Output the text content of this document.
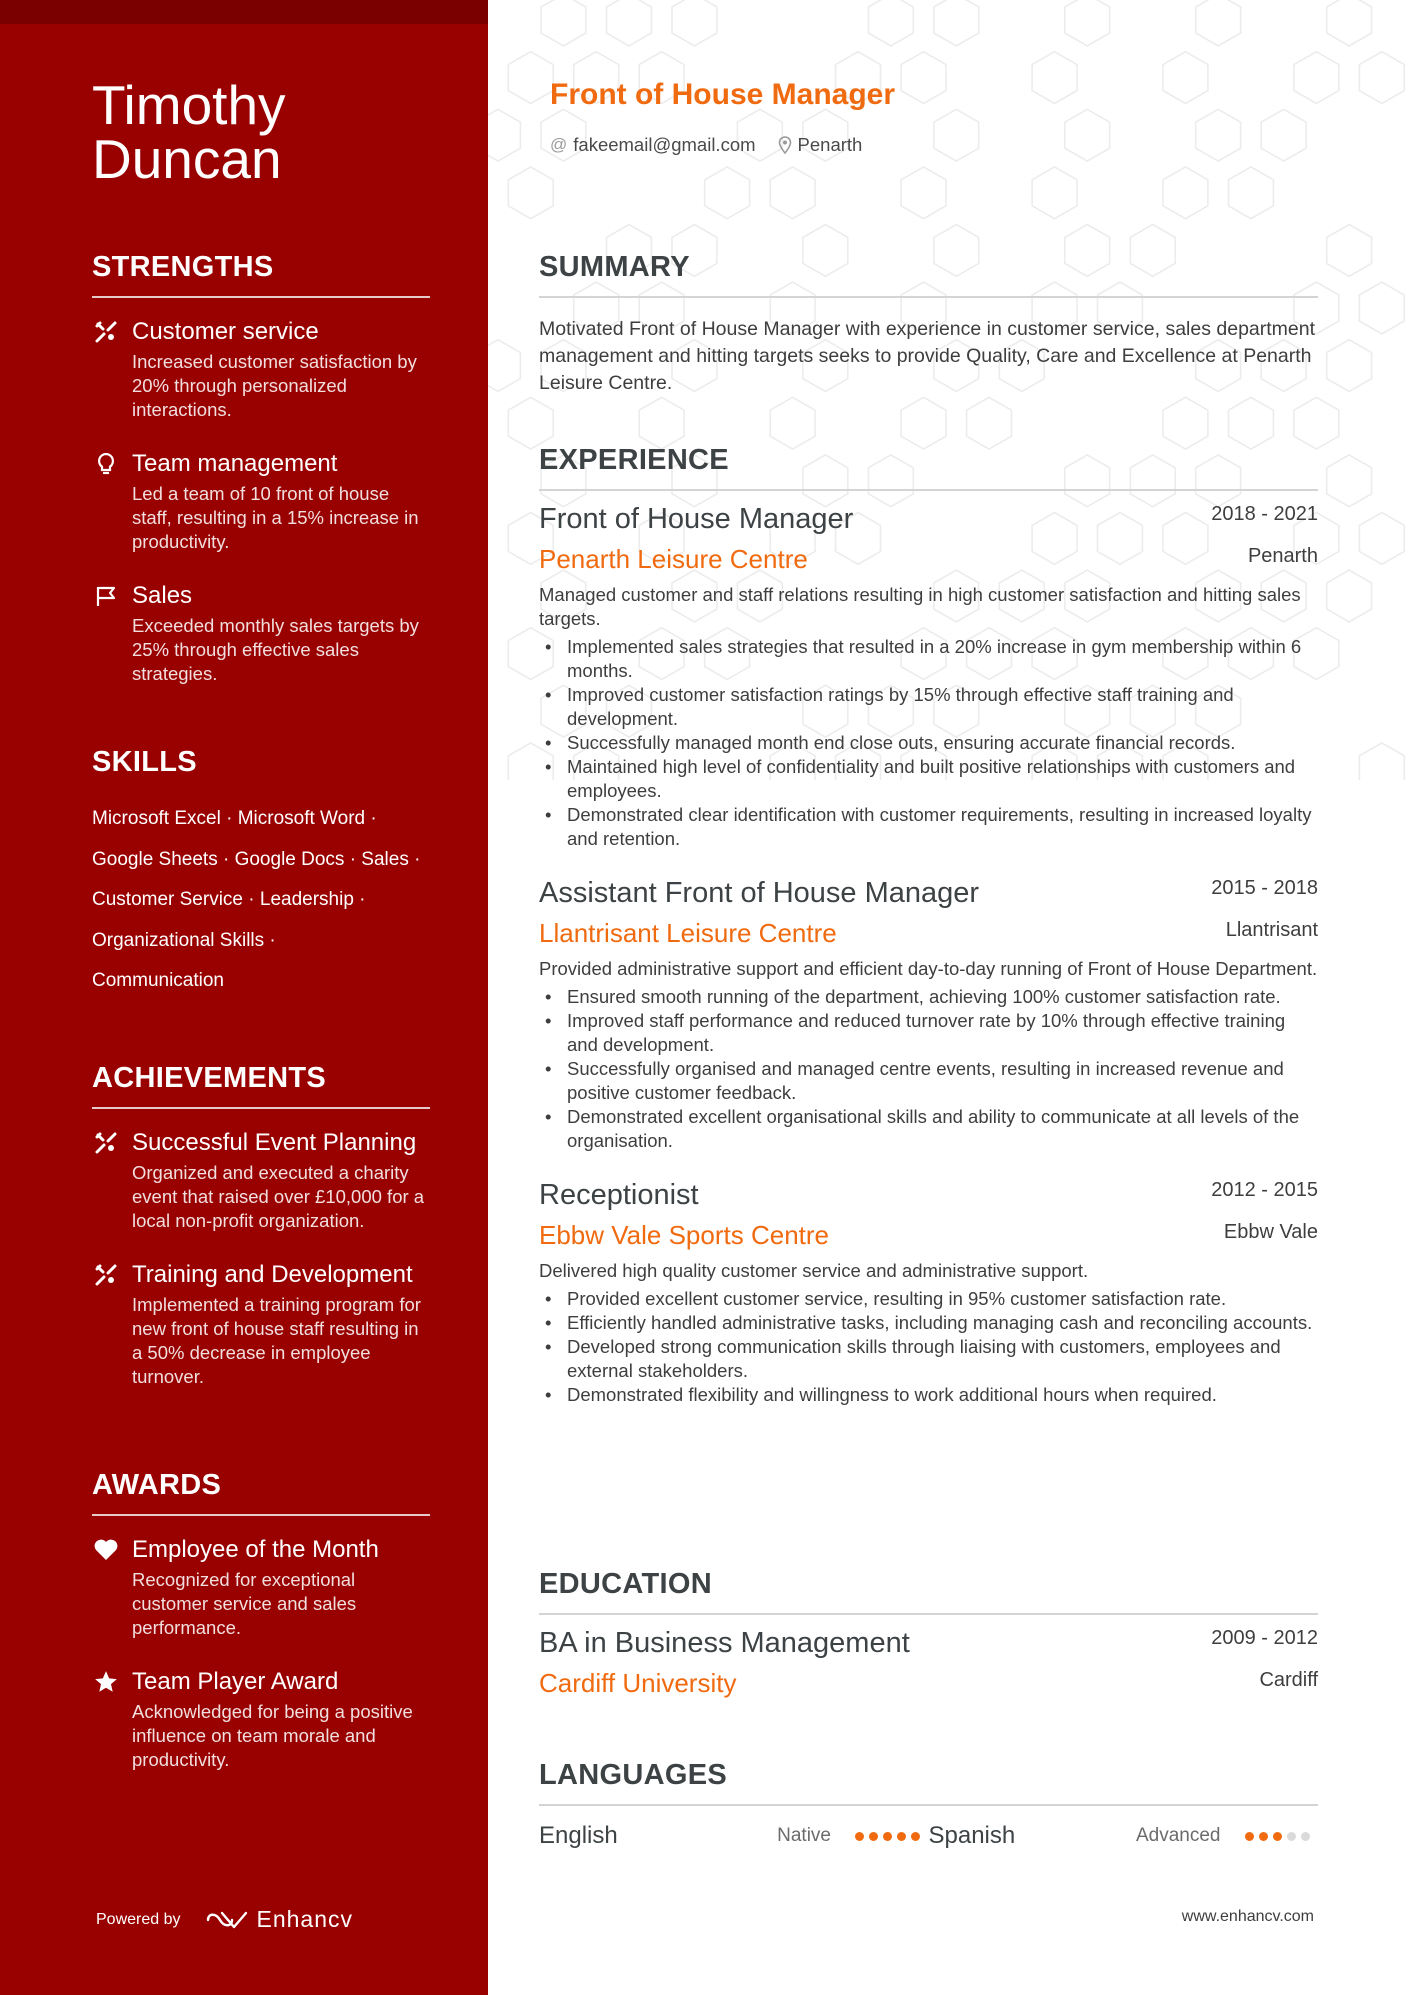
Timothy
Duncan
STRENGTHS
Customer service
Increased customer satisfaction by 20% through personalized interactions.
Team management
Led a team of 10 front of house staff, resulting in a 15% increase in productivity.
Sales
Exceeded monthly sales targets by 25% through effective sales strategies.
SKILLS
Microsoft Excel · Microsoft Word ·
Google Sheets · Google Docs · Sales ·
Customer Service · Leadership ·
Organizational Skills ·
Communication
ACHIEVEMENTS
Successful Event Planning
Organized and executed a charity event that raised over £10,000 for a local non-profit organization.
Training and Development
Implemented a training program for new front of house staff resulting in a 50% decrease in employee turnover.
AWARDS
Employee of the Month
Recognized for exceptional customer service and sales performance.
Team Player Award
Acknowledged for being a positive influence on team morale and productivity.
Powered by	Enhancv
Front of House Manager
@ fakeemail@gmail.com Penarth
SUMMARY

Motivated Front of House Manager with experience in customer service, sales department management and hitting targets seeks to provide Quality, Care and Excellence at Penarth Leisure Centre.

EXPERIENCE
Front of House Manager	2018 - 2021
Penarth Leisure Centre	Penarth
Managed customer and staff relations resulting in high customer satisfaction and hitting sales targets.
• Implemented sales strategies that resulted in a 20% increase in gym membership within 6 months.
• Improved customer satisfaction ratings by 15% through effective staff training and development.
• Successfully managed month end close outs, ensuring accurate financial records.
• Maintained high level of confidentiality and built positive relationships with customers and employees.
• Demonstrated clear identification with customer requirements, resulting in increased loyalty and retention.
Assistant Front of House Manager	2015 - 2018
Llantrisant Leisure Centre	Llantrisant
Provided administrative support and efficient day-to-day running of Front of House Department.
• Ensured smooth running of the department, achieving 100% customer satisfaction rate.
• Improved staff performance and reduced turnover rate by 10% through effective training and development.
• Successfully organised and managed centre events, resulting in increased revenue and positive customer feedback.
• Demonstrated excellent organisational skills and ability to communicate at all levels of the organisation.
Receptionist	2012 - 2015
Ebbw Vale Sports Centre	Ebbw Vale
Delivered high quality customer service and administrative support.
• Provided excellent customer service, resulting in 95% customer satisfaction rate.
• Efficiently handled administrative tasks, including managing cash and reconciling accounts.
• Developed strong communication skills through liaising with customers, employees and external stakeholders.
• Demonstrated flexibility and willingness to work additional hours when required.
EDUCATION
BA in Business Management	2009 - 2012
Cardiff University	Cardiff
LANGUAGES
English	Native	Spanish	Advanced
www.enhancv.com
